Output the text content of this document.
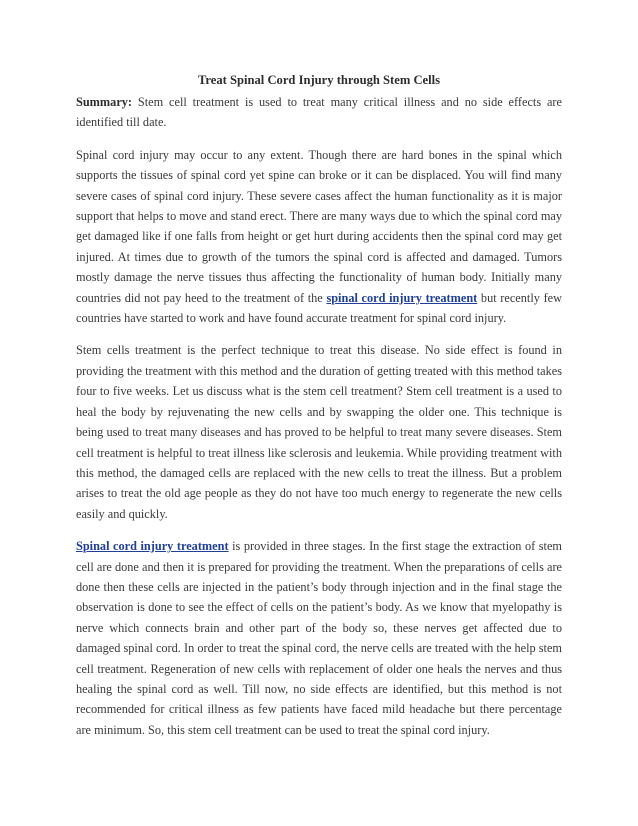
Treat Spinal Cord Injury through Stem Cells

Summary: Stem cell treatment is used to treat many critical illness and no side effects are identified till date.

Spinal cord injury may occur to any extent. Though there are hard bones in the spinal which supports the tissues of spinal cord yet spine can broke or it can be displaced. You will find many severe cases of spinal cord injury. These severe cases affect the human functionality as it is major support that helps to move and stand erect. There are many ways due to which the spinal cord may get damaged like if one falls from height or get hurt during accidents then the spinal cord may get injured. At times due to growth of the tumors the spinal cord is affected and damaged. Tumors mostly damage the nerve tissues thus affecting the functionality of human body. Initially many countries did not pay heed to the treatment of the spinal cord injury treatment but recently few countries have started to work and have found accurate treatment for spinal cord injury.

Stem cells treatment is the perfect technique to treat this disease. No side effect is found in providing the treatment with this method and the duration of getting treated with this method takes four to five weeks. Let us discuss what is the stem cell treatment? Stem cell treatment is a used to heal the body by rejuvenating the new cells and by swapping the older one. This technique is being used to treat many diseases and has proved to be helpful to treat many severe diseases. Stem cell treatment is helpful to treat illness like sclerosis and leukemia. While providing treatment with this method, the damaged cells are replaced with the new cells to treat the illness. But a problem arises to treat the old age people as they do not have too much energy to regenerate the new cells easily and quickly.

Spinal cord injury treatment is provided in three stages. In the first stage the extraction of stem cell are done and then it is prepared for providing the treatment. When the preparations of cells are done then these cells are injected in the patient’s body through injection and in the final stage the observation is done to see the effect of cells on the patient’s body. As we know that myelopathy is nerve which connects brain and other part of the body so, these nerves get affected due to damaged spinal cord. In order to treat the spinal cord, the nerve cells are treated with the help stem cell treatment. Regeneration of new cells with replacement of older one heals the nerves and thus healing the spinal cord as well. Till now, no side effects are identified, but this method is not recommended for critical illness as few patients have faced mild headache but there percentage are minimum. So, this stem cell treatment can be used to treat the spinal cord injury.
